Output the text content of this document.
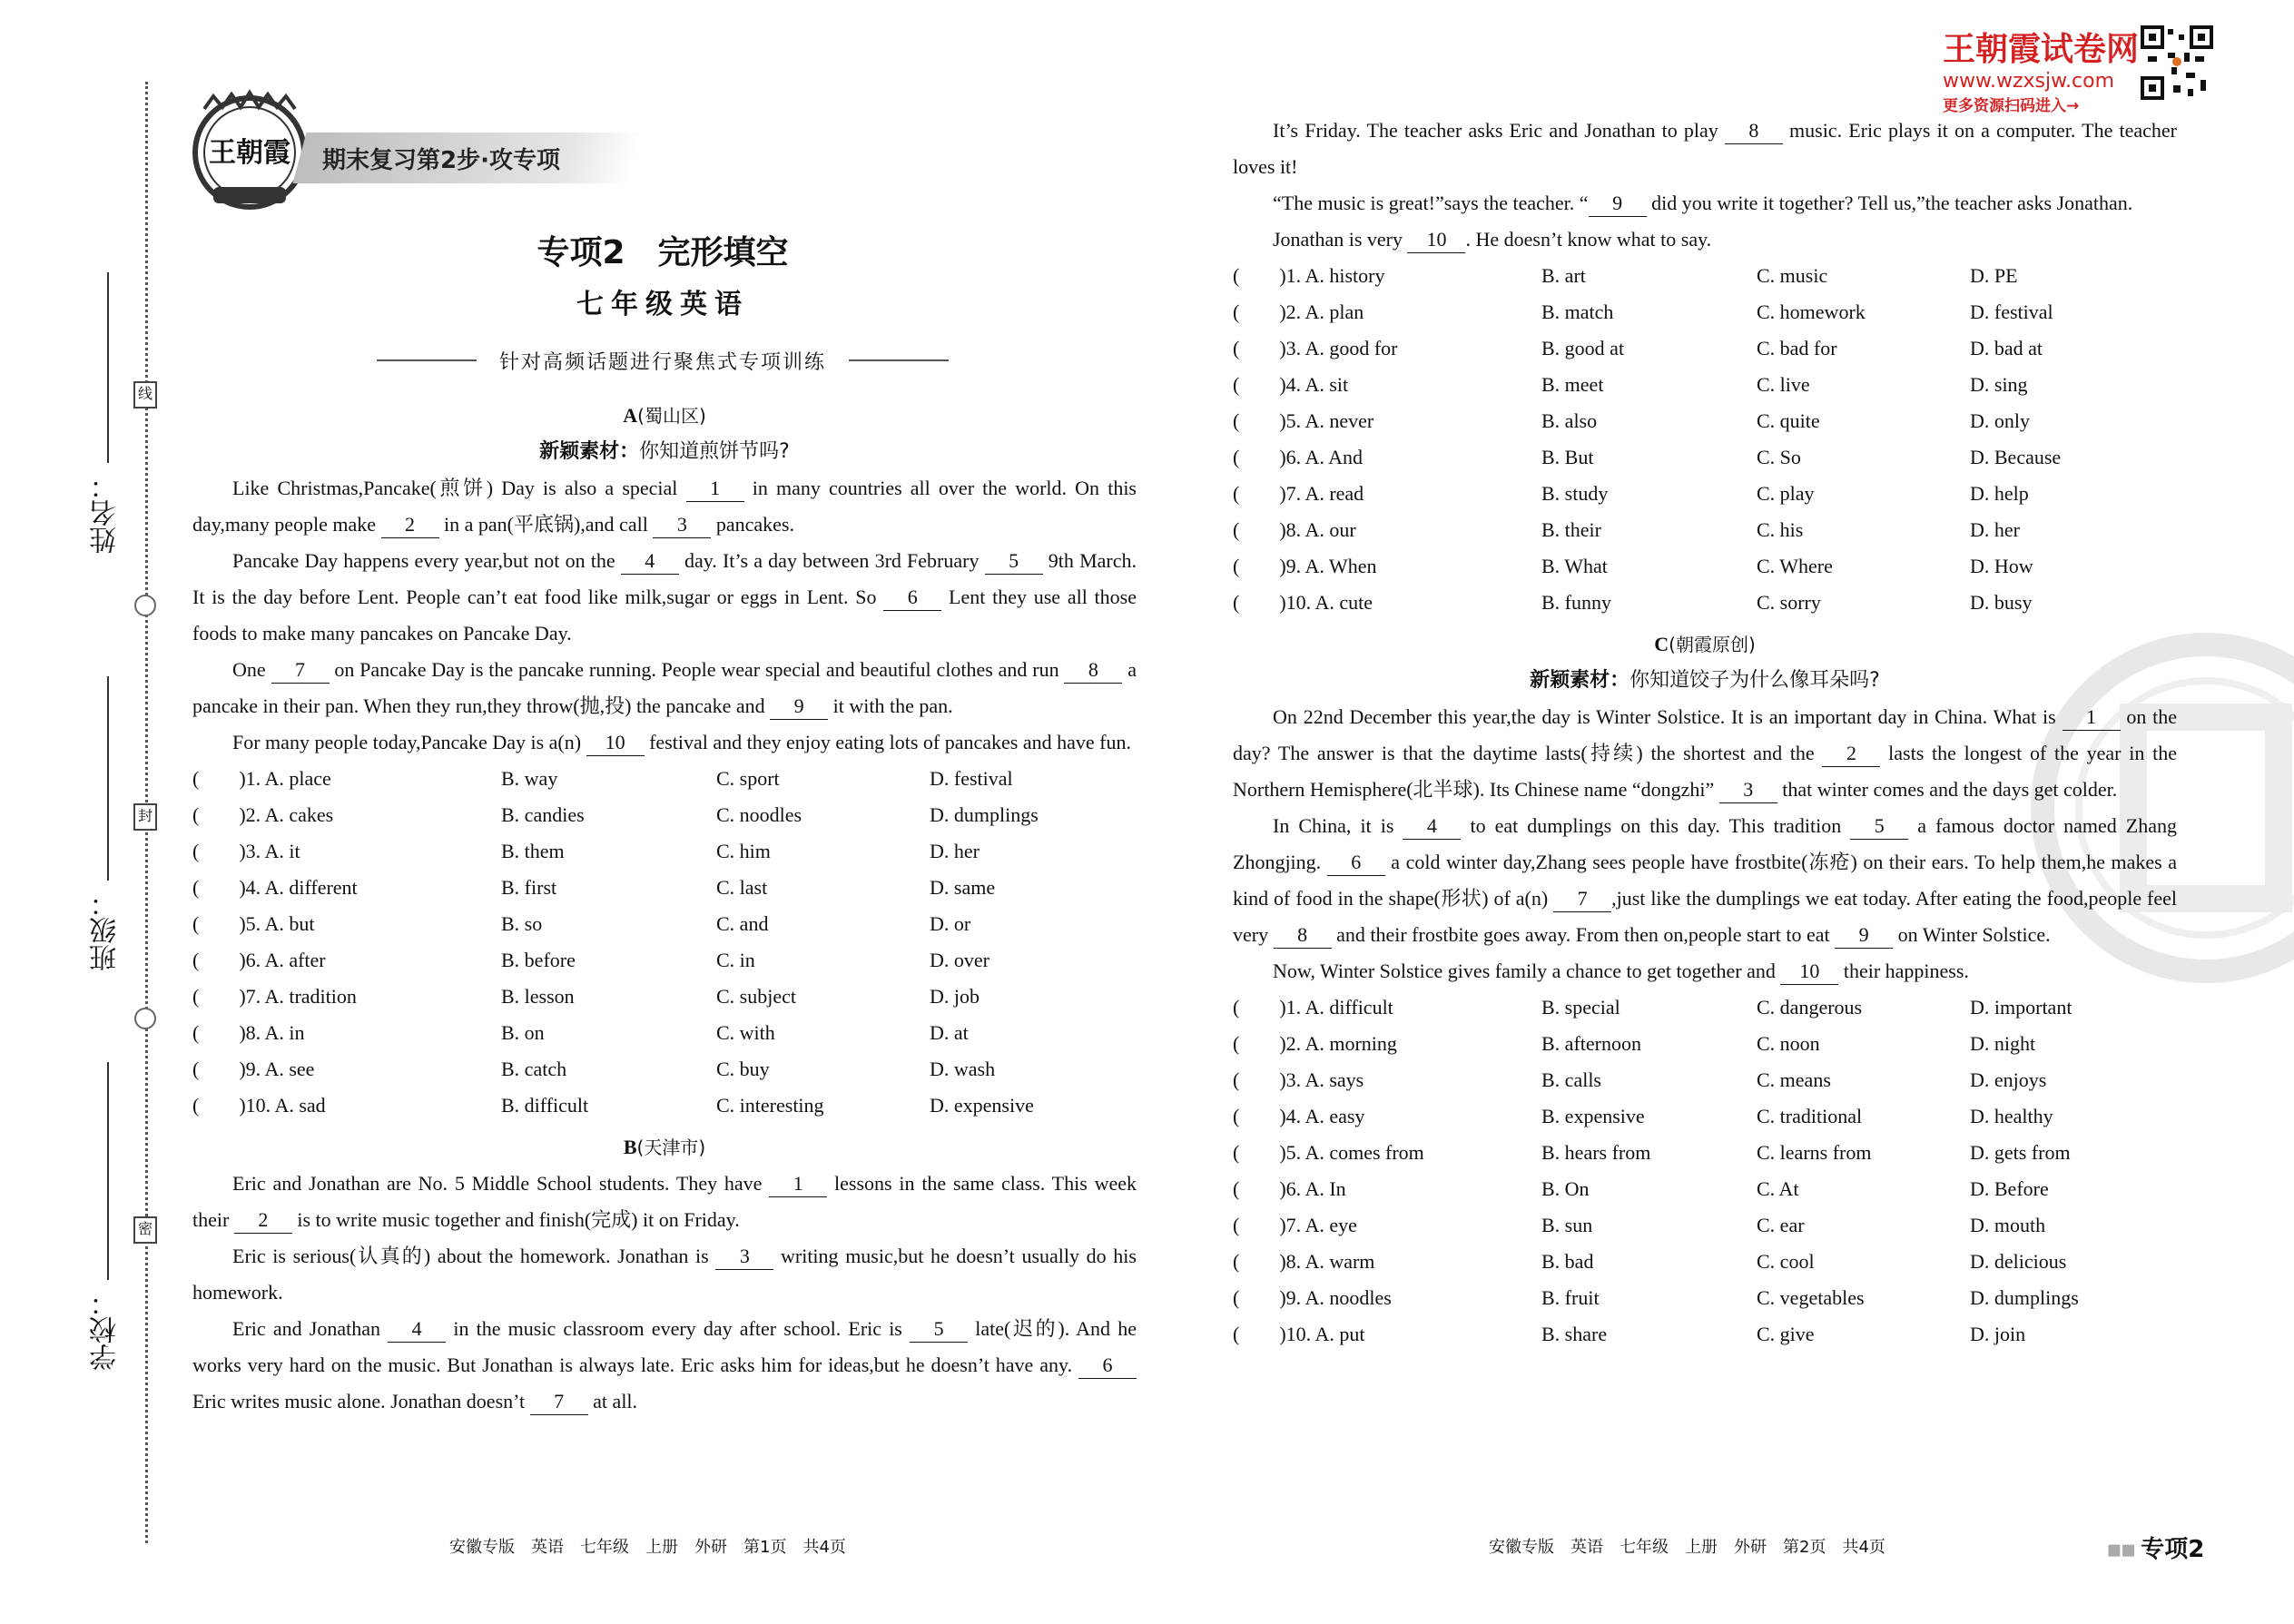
姓名：
班级：
学校：
线
封
密
王朝霞 期末复习第2步·攻专项
专项2　完形填空
七年级英语
针对高频话题进行聚焦式专项训练
A(蜀山区)
新颖素材：你知道煎饼节吗?
Like Christmas,Pancake(煎饼) Day is also a special 1 in many countries all over the world. On this day,many people make 2 in a pan(平底锅),and call 3 pancakes.
Pancake Day happens every year,but not on the 4 day. It’s a day between 3rd February 5 9th March. It is the day before Lent. People can’t eat food like milk,sugar or eggs in Lent. So 6 Lent they use all those foods to make many pancakes on Pancake Day.
One 7 on Pancake Day is the pancake running. People wear special and beautiful clothes and run 8 a pancake in their pan. When they run,they throw(抛,投) the pancake and 9 it with the pan.
For many people today,Pancake Day is a(n) 10 festival and they enjoy eating lots of pancakes and have fun.
(　　)1. A. place	B. way	C. sport	D. festival
(　　)2. A. cakes	B. candies	C. noodles	D. dumplings
(　　)3. A. it	B. them	C. him	D. her
(　　)4. A. different	B. first	C. last	D. same
(　　)5. A. but	B. so	C. and	D. or
(　　)6. A. after	B. before	C. in	D. over
(　　)7. A. tradition	B. lesson	C. subject	D. job
(　　)8. A. in	B. on	C. with	D. at
(　　)9. A. see	B. catch	C. buy	D. wash
(　　)10. A. sad	B. difficult	C. interesting	D. expensive
B(天津市)
Eric and Jonathan are No. 5 Middle School students. They have 1 lessons in the same class. This week their 2 is to write music together and finish(完成) it on Friday.
Eric is serious(认真的) about the homework. Jonathan is 3 writing music,but he doesn’t usually do his homework.
Eric and Jonathan 4 in the music classroom every day after school. Eric is 5 late(迟的). And he works very hard on the music. But Jonathan is always late. Eric asks him for ideas,but he doesn’t have any. 6 Eric writes music alone. Jonathan doesn’t 7 at all.
安徽专版　英语　七年级　上册　外研　第1页　共4页
王朝霞试卷网
www.wzxsjw.com
更多资源扫码进入→
It’s Friday. The teacher asks Eric and Jonathan to play 8 music. Eric plays it on a computer. The teacher loves it!
“The music is great!”says the teacher. “ 9 did you write it together? Tell us,”the teacher asks Jonathan.
Jonathan is very 10 . He doesn’t know what to say.
(　　)1. A. history	B. art	C. music	D. PE
(　　)2. A. plan	B. match	C. homework	D. festival
(　　)3. A. good for	B. good at	C. bad for	D. bad at
(　　)4. A. sit	B. meet	C. live	D. sing
(　　)5. A. never	B. also	C. quite	D. only
(　　)6. A. And	B. But	C. So	D. Because
(　　)7. A. read	B. study	C. play	D. help
(　　)8. A. our	B. their	C. his	D. her
(　　)9. A. When	B. What	C. Where	D. How
(　　)10. A. cute	B. funny	C. sorry	D. busy
C(朝霞原创)
新颖素材：你知道饺子为什么像耳朵吗?
On 22nd December this year,the day is Winter Solstice. It is an important day in China. What is 1 on the day? The answer is that the daytime lasts(持续) the shortest and the 2 lasts the longest of the year in the Northern Hemisphere(北半球). Its Chinese name “dongzhi” 3 that winter comes and the days get colder.
In China, it is 4 to eat dumplings on this day. This tradition 5 a famous doctor named Zhang Zhongjing. 6 a cold winter day,Zhang sees people have frostbite(冻疮) on their ears. To help them,he makes a kind of food in the shape(形状) of a(n) 7 ,just like the dumplings we eat today. After eating the food,people feel very 8 and their frostbite goes away. From then on,people start to eat 9 on Winter Solstice.
Now, Winter Solstice gives family a chance to get together and 10 their happiness.
(　　)1. A. difficult	B. special	C. dangerous	D. important
(　　)2. A. morning	B. afternoon	C. noon	D. night
(　　)3. A. says	B. calls	C. means	D. enjoys
(　　)4. A. easy	B. expensive	C. traditional	D. healthy
(　　)5. A. comes from	B. hears from	C. learns from	D. gets from
(　　)6. A. In	B. On	C. At	D. Before
(　　)7. A. eye	B. sun	C. ear	D. mouth
(　　)8. A. warm	B. bad	C. cool	D. delicious
(　　)9. A. noodles	B. fruit	C. vegetables	D. dumplings
(　　)10. A. put	B. share	C. give	D. join
安徽专版　英语　七年级　上册　外研　第2页　共4页	▪▪ 专项2
